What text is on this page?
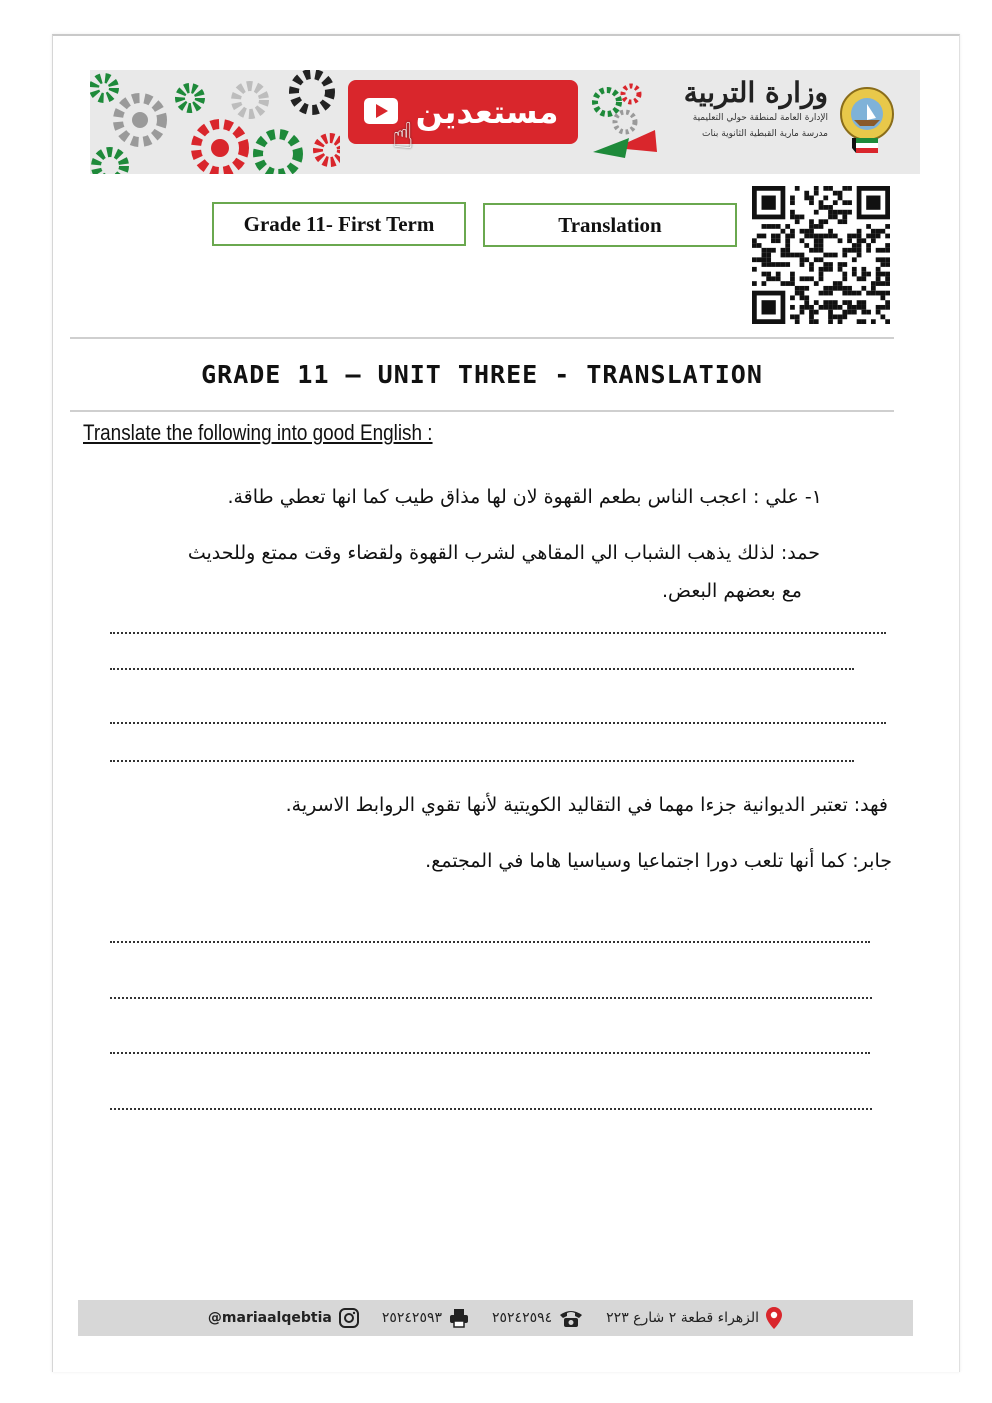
☝
مستعدين
وزارة التربية
الإدارة العامة لمنطقة حولي التعليمية
مدرسة مارية القبطية الثانوية بنات
Grade 11- First Term	Translation
GRADE 11 – UNIT THREE - TRANSLATION
Translate the following into good English :
١- علي : اعجب الناس بطعم القهوة لان لها مذاق طيب كما انها تعطي طاقة.
حمد: لذلك يذهب الشباب الي المقاهي لشرب القهوة ولقضاء وقت ممتع وللحديث
مع بعضهم البعض.
فهد: تعتبر الديوانية جزءا مهما في التقاليد الكويتية لأنها تقوي الروابط الاسرية.
جابر: كما أنها تلعب دورا اجتماعيا وسياسيا هاما في المجتمع.
@mariaalqebtia	٢٥٢٤٢٥٩٣	٢٥٢٤٢٥٩٤	الزهراء قطعة ٢ شارع ٢٢٣
